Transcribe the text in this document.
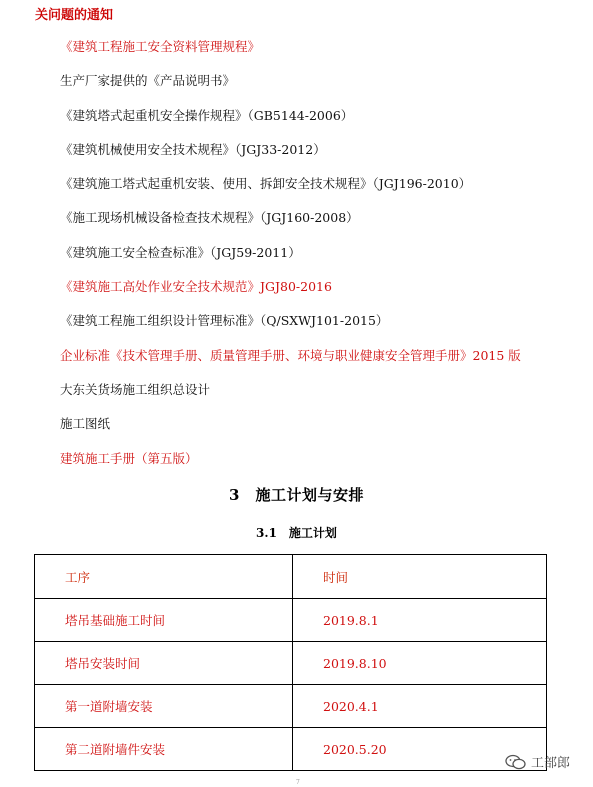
关问题的通知
《建筑工程施工安全资料管理规程》
生产厂家提供的《产品说明书》
《建筑塔式起重机安全操作规程》（GB5144-2006）
《建筑机械使用安全技术规程》（JGJ33-2012）
《建筑施工塔式起重机安装、使用、拆卸安全技术规程》（JGJ196-2010）
《施工现场机械设备检查技术规程》（JGJ160-2008）
《建筑施工安全检查标准》（JGJ59-2011）
《建筑施工高处作业安全技术规范》JGJ80-2016
《建筑工程施工组织设计管理标准》（Q/SXWJ101-2015）
企业标准《技术管理手册、质量管理手册、环境与职业健康安全管理手册》2015 版
大东关货场施工组织总设计
施工图纸
建筑施工手册（第五版）
3　施工计划与安排
3.1　施工计划
工序	时间
塔吊基础施工时间	2019.8.1
塔吊安装时间	2019.8.10
第一道附墙安装	2020.4.1
第二道附墙件安装	2020.5.20
7
工部郎
